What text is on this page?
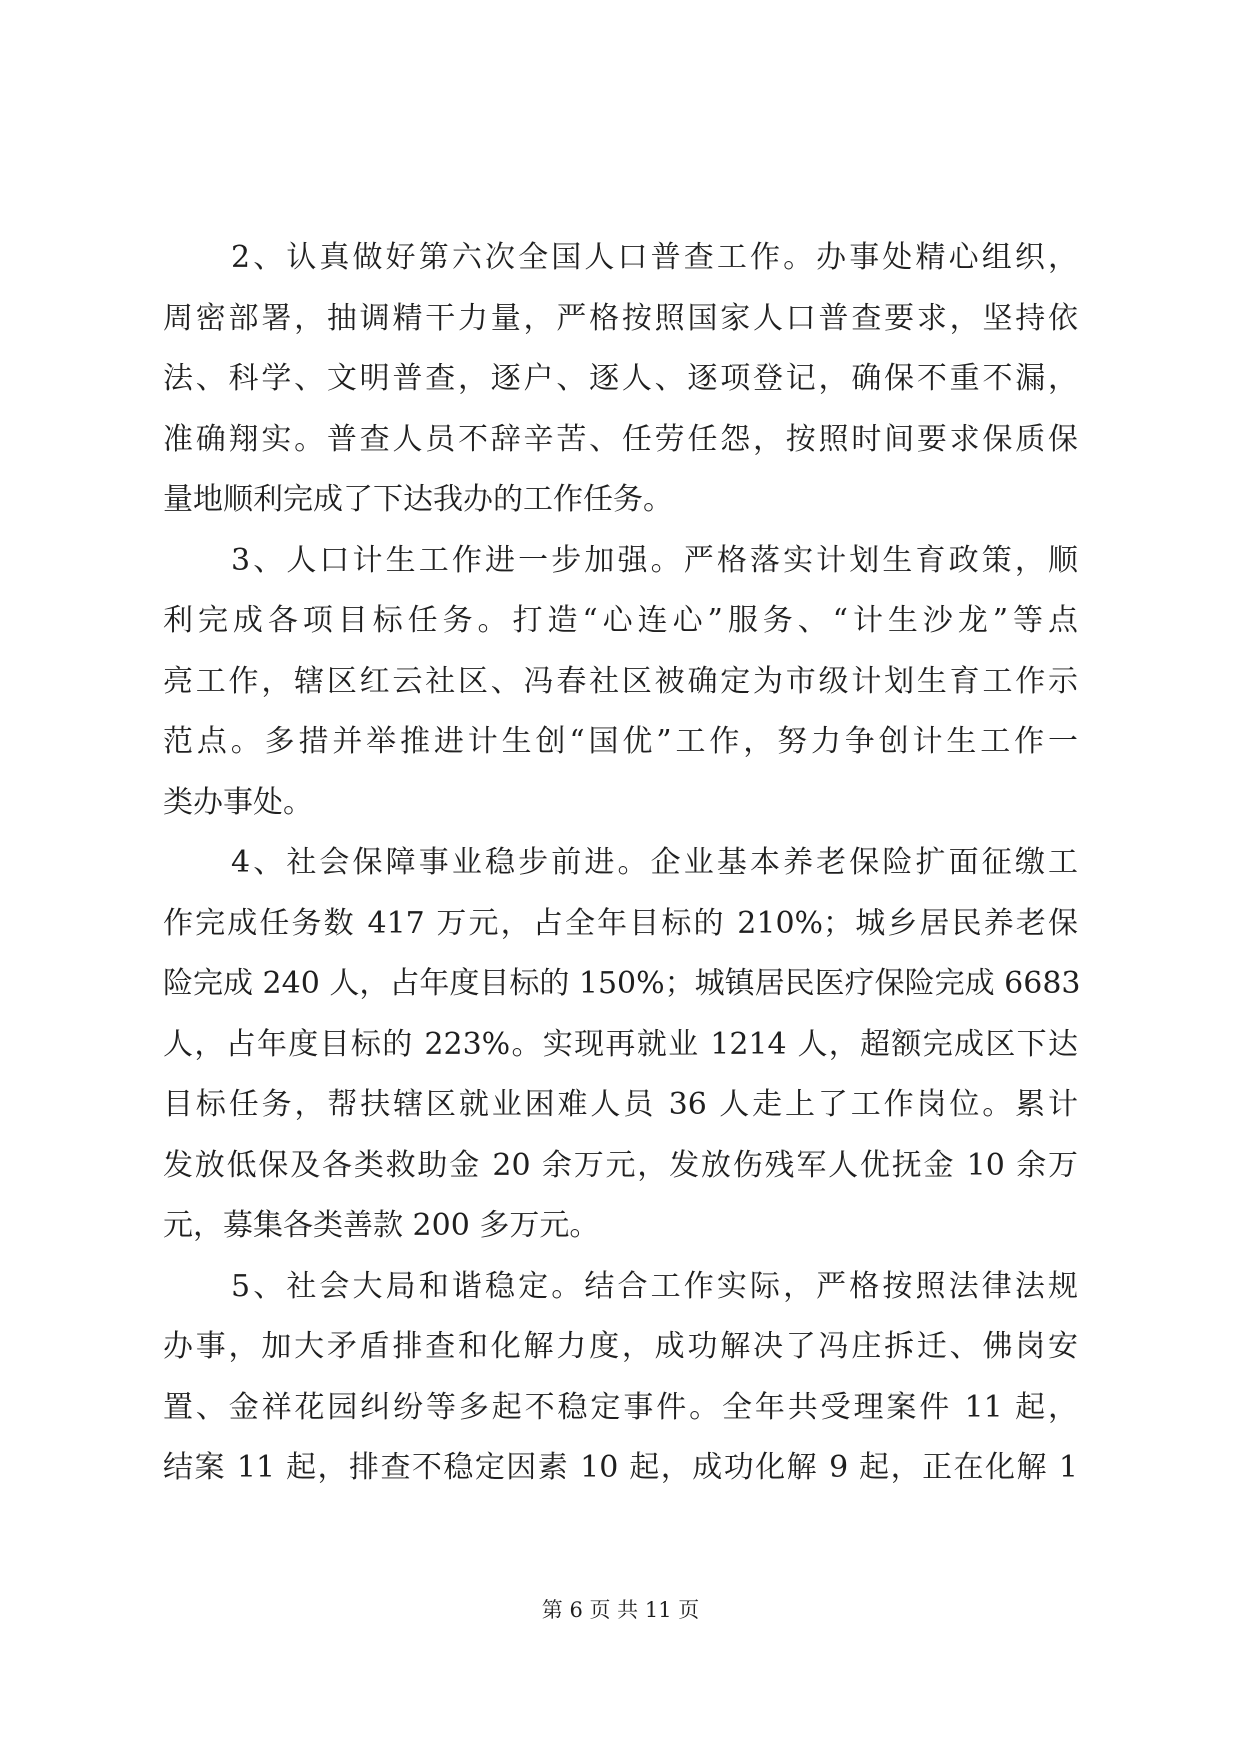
2、认真做好第六次全国人口普查工作。办事处精心组织，
周密部署，抽调精干力量，严格按照国家人口普查要求，坚持依
法、科学、文明普查，逐户、逐人、逐项登记，确保不重不漏，
准确翔实。普查人员不辞辛苦、任劳任怨，按照时间要求保质保
量地顺利完成了下达我办的工作任务。
3、人口计生工作进一步加强。严格落实计划生育政策，顺
利完成各项目标任务。打造“心连心”服务、“计生沙龙”等点
亮工作，辖区红云社区、冯春社区被确定为市级计划生育工作示
范点。多措并举推进计生创“国优”工作，努力争创计生工作一
类办事处。
4、社会保障事业稳步前进。企业基本养老保险扩面征缴工
作完成任务数 417 万元，占全年目标的 210%；城乡居民养老保
险完成 240 人，占年度目标的 150%；城镇居民医疗保险完成 6683
人，占年度目标的 223%。实现再就业 1214 人，超额完成区下达
目标任务，帮扶辖区就业困难人员 36 人走上了工作岗位。累计
发放低保及各类救助金 20 余万元，发放伤残军人优抚金 10 余万
元，募集各类善款 200 多万元。
5、社会大局和谐稳定。结合工作实际，严格按照法律法规
办事，加大矛盾排查和化解力度，成功解决了冯庄拆迁、佛岗安
置、金祥花园纠纷等多起不稳定事件。全年共受理案件 11 起，
结案 11 起，排查不稳定因素 10 起，成功化解 9 起，正在化解 1
第 6 页 共 11 页
